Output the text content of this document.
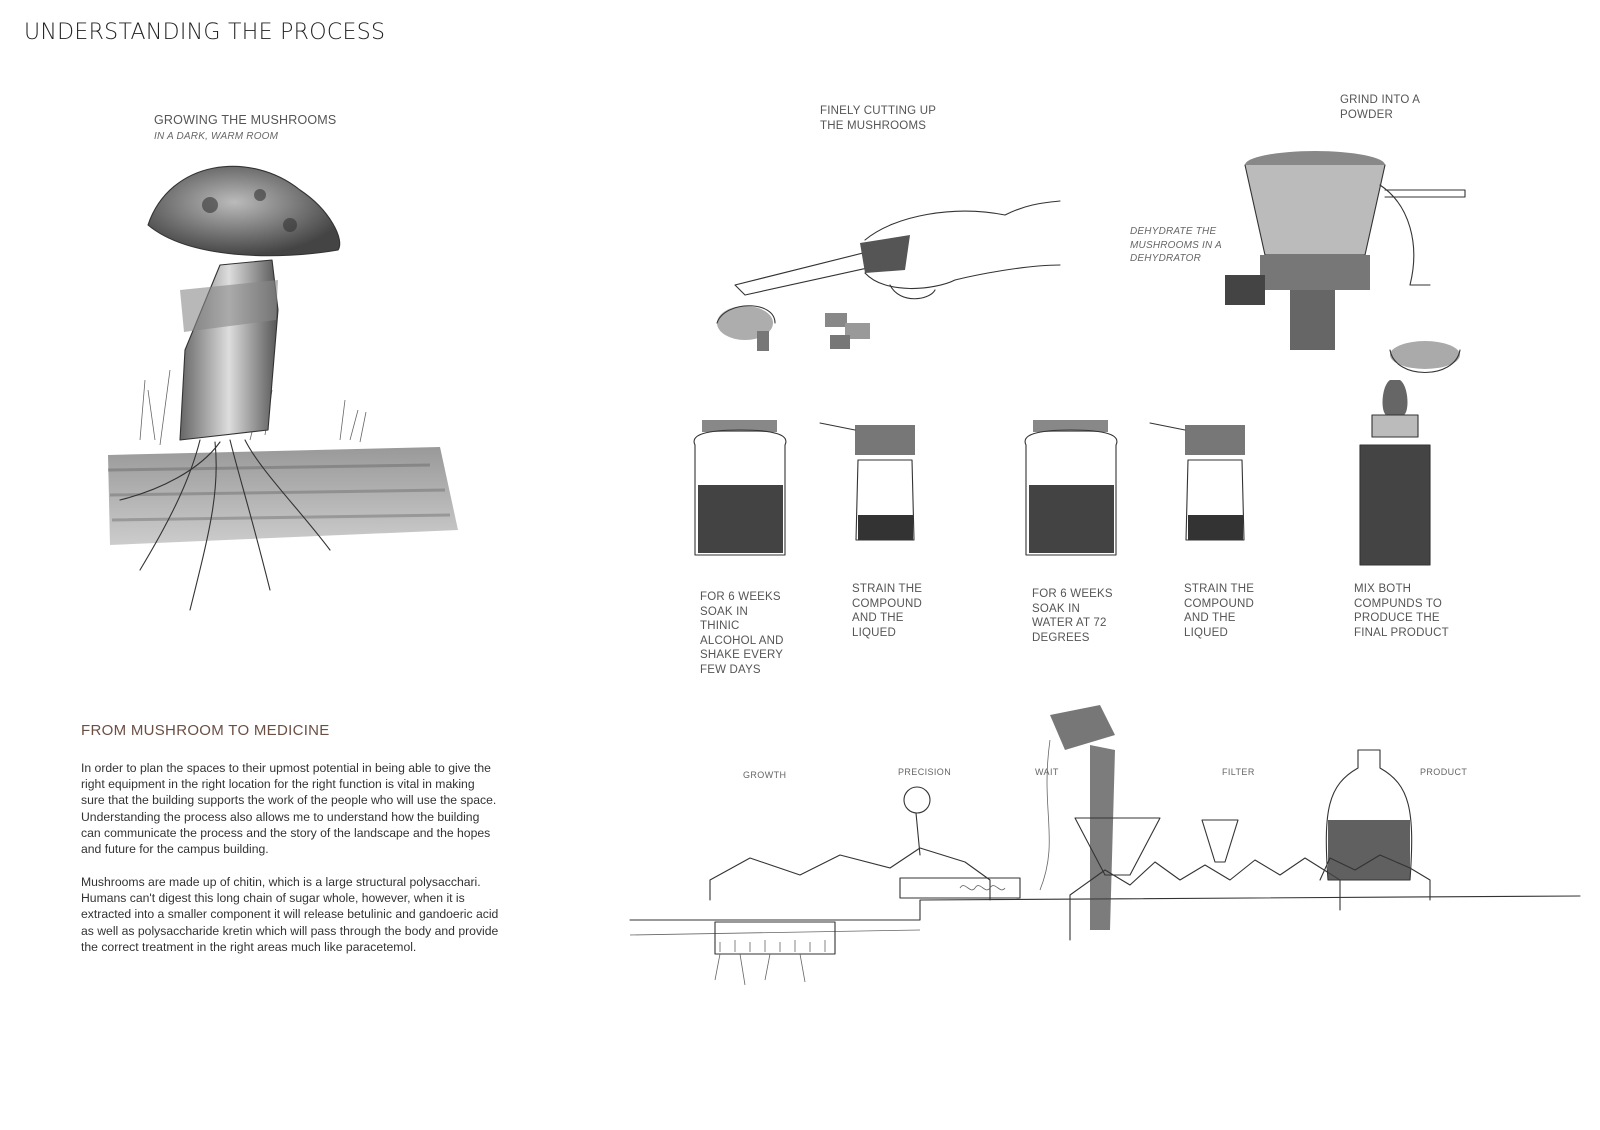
UNDERSTANDING THE PROCESS
GROWING THE MUSHROOMS
IN A DARK, WARM ROOM
FINELY CUTTING UP THE MUSHROOMS
DEHYDRATE THE MUSHROOMS IN A DEHYDRATOR
GRIND INTO A POWDER
FOR 6 WEEKS SOAK IN THINIC ALCOHOL AND SHAKE EVERY FEW DAYS
STRAIN THE COMPOUND AND THE LIQUED
FOR 6 WEEKS SOAK IN WATER AT 72 DEGREES
STRAIN THE COMPOUND AND THE LIQUED
MIX BOTH COMPUNDS TO PRODUCE THE FINAL PRODUCT
FROM MUSHROOM TO MEDICINE
In order to plan the spaces to their upmost potential in being able to give the right equipment in the right location for the right function is vital in making sure that the building supports the work of the people who will use the space. Understanding the process also allows me to understand how the building can communicate the process and the story of the landscape and the hopes and future for the campus building.
Mushrooms are made up of chitin, which is a large structural polysacchari. Humans can't digest this long chain of sugar whole, however, when it is extracted into a smaller component it will release betulinic and gandoeric acid as well as polysaccharide kretin which will pass through the body and provide the correct treatment in the right areas much like paracetemol.
GROWTH	PRECISION	WAIT	FILTER	PRODUCT
